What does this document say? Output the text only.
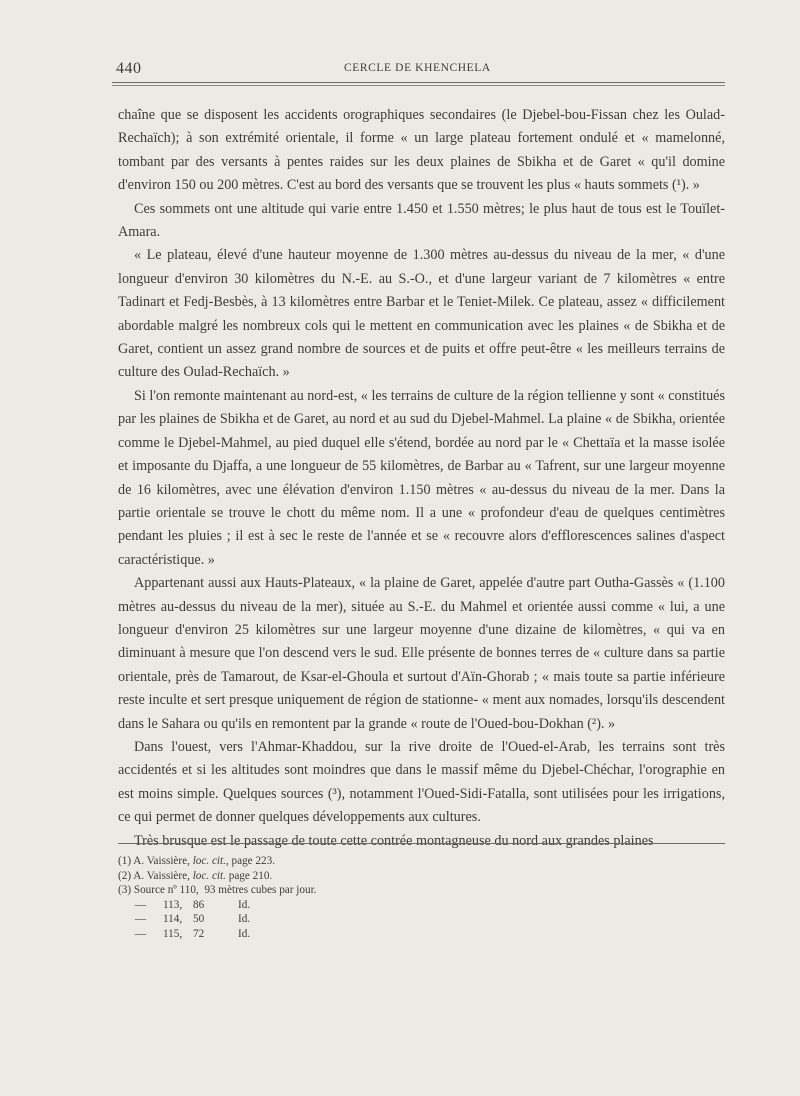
440	CERCLE DE KHENCHELA

chaîne que se disposent les accidents orographiques secondaires (le Djebel-bou-Fissan chez les Oulad-Rechaïch); à son extrémité orientale, il forme « un large plateau fortement ondulé et « mamelonné, tombant par des versants à pentes raides sur les deux plaines de Sbikha et de Garet « qu'il domine d'environ 150 ou 200 mètres. C'est au bord des versants que se trouvent les plus « hauts sommets (¹). »

Ces sommets ont une altitude qui varie entre 1.450 et 1.550 mètres; le plus haut de tous est le Touïlet-Amara.

« Le plateau, élevé d'une hauteur moyenne de 1.300 mètres au-dessus du niveau de la mer, « d'une longueur d'environ 30 kilomètres du N.-E. au S.-O., et d'une largeur variant de 7 kilomètres « entre Tadinart et Fedj-Besbès, à 13 kilomètres entre Barbar et le Teniet-Milek. Ce plateau, assez « difficilement abordable malgré les nombreux cols qui le mettent en communication avec les plaines « de Sbikha et de Garet, contient un assez grand nombre de sources et de puits et offre peut-être « les meilleurs terrains de culture des Oulad-Rechaïch. »

Si l'on remonte maintenant au nord-est, « les terrains de culture de la région tellienne y sont « constitués par les plaines de Sbikha et de Garet, au nord et au sud du Djebel-Mahmel. La plaine « de Sbikha, orientée comme le Djebel-Mahmel, au pied duquel elle s'étend, bordée au nord par le « Chettaïa et la masse isolée et imposante du Djaffa, a une longueur de 55 kilomètres, de Barbar au « Tafrent, sur une largeur moyenne de 16 kilomètres, avec une élévation d'environ 1.150 mètres « au-dessus du niveau de la mer. Dans la partie orientale se trouve le chott du même nom. Il a une « profondeur d'eau de quelques centimètres pendant les pluies ; il est à sec le reste de l'année et se « recouvre alors d'efflorescences salines d'aspect caractéristique. »

Appartenant aussi aux Hauts-Plateaux, « la plaine de Garet, appelée d'autre part Outha-Gassès « (1.100 mètres au-dessus du niveau de la mer), située au S.-E. du Mahmel et orientée aussi comme « lui, a une longueur d'environ 25 kilomètres sur une largeur moyenne d'une dizaine de kilomètres, « qui va en diminuant à mesure que l'on descend vers le sud. Elle présente de bonnes terres de « culture dans sa partie orientale, près de Tamarout, de Ksar-el-Ghoula et surtout d'Aïn-Ghorab ; « mais toute sa partie inférieure reste inculte et sert presque uniquement de région de stationne- « ment aux nomades, lorsqu'ils descendent dans le Sahara ou qu'ils en remontent par la grande « route de l'Oued-bou-Dokhan (²). »

Dans l'ouest, vers l'Ahmar-Khaddou, sur la rive droite de l'Oued-el-Arab, les terrains sont très accidentés et si les altitudes sont moindres que dans le massif même du Djebel-Chéchar, l'orographie en est moins simple. Quelques sources (³), notamment l'Oued-Sidi-Fatalla, sont utilisées pour les irrigations, ce qui permet de donner quelques développements aux cultures.

Très brusque est le passage de toute cette contrée montagneuse du nord aux grandes plaines

(1) A. Vaissière, loc. cit., page 223.
(2) A. Vaissière, loc. cit. page 210.
(3) Source nº 110,  93 mètres cubes par jour.
—	113, 86	Id.
—	114, 50	Id.
—	115, 72	Id.
